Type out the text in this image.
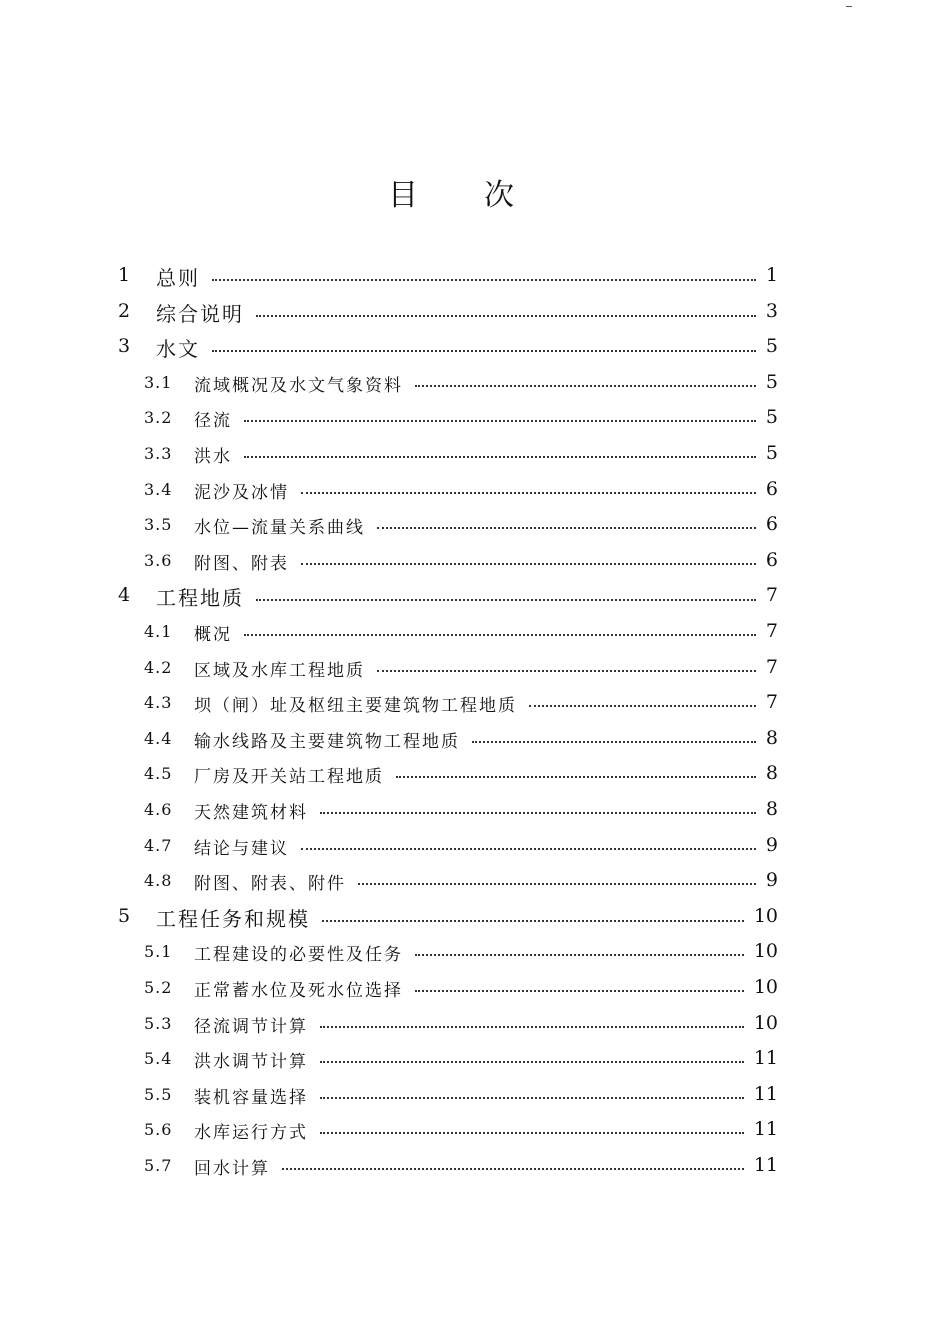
目 次
1 总则	1
2 综合说明	3
3 水文	5
3.1 流域概况及水文气象资料	5
3.2 径流	5
3.3 洪水	5
3.4 泥沙及冰情	6
3.5 水位—流量关系曲线	6
3.6 附图、附表	6
4 工程地质	7
4.1 概况	7
4.2 区域及水库工程地质	7
4.3 坝（闸）址及枢纽主要建筑物工程地质	7
4.4 输水线路及主要建筑物工程地质	8
4.5 厂房及开关站工程地质	8
4.6 天然建筑材料	8
4.7 结论与建议	9
4.8 附图、附表、附件	9
5 工程任务和规模	10
5.1 工程建设的必要性及任务	10
5.2 正常蓄水位及死水位选择	10
5.3 径流调节计算	10
5.4 洪水调节计算	11
5.5 装机容量选择	11
5.6 水库运行方式	11
5.7 回水计算	11
